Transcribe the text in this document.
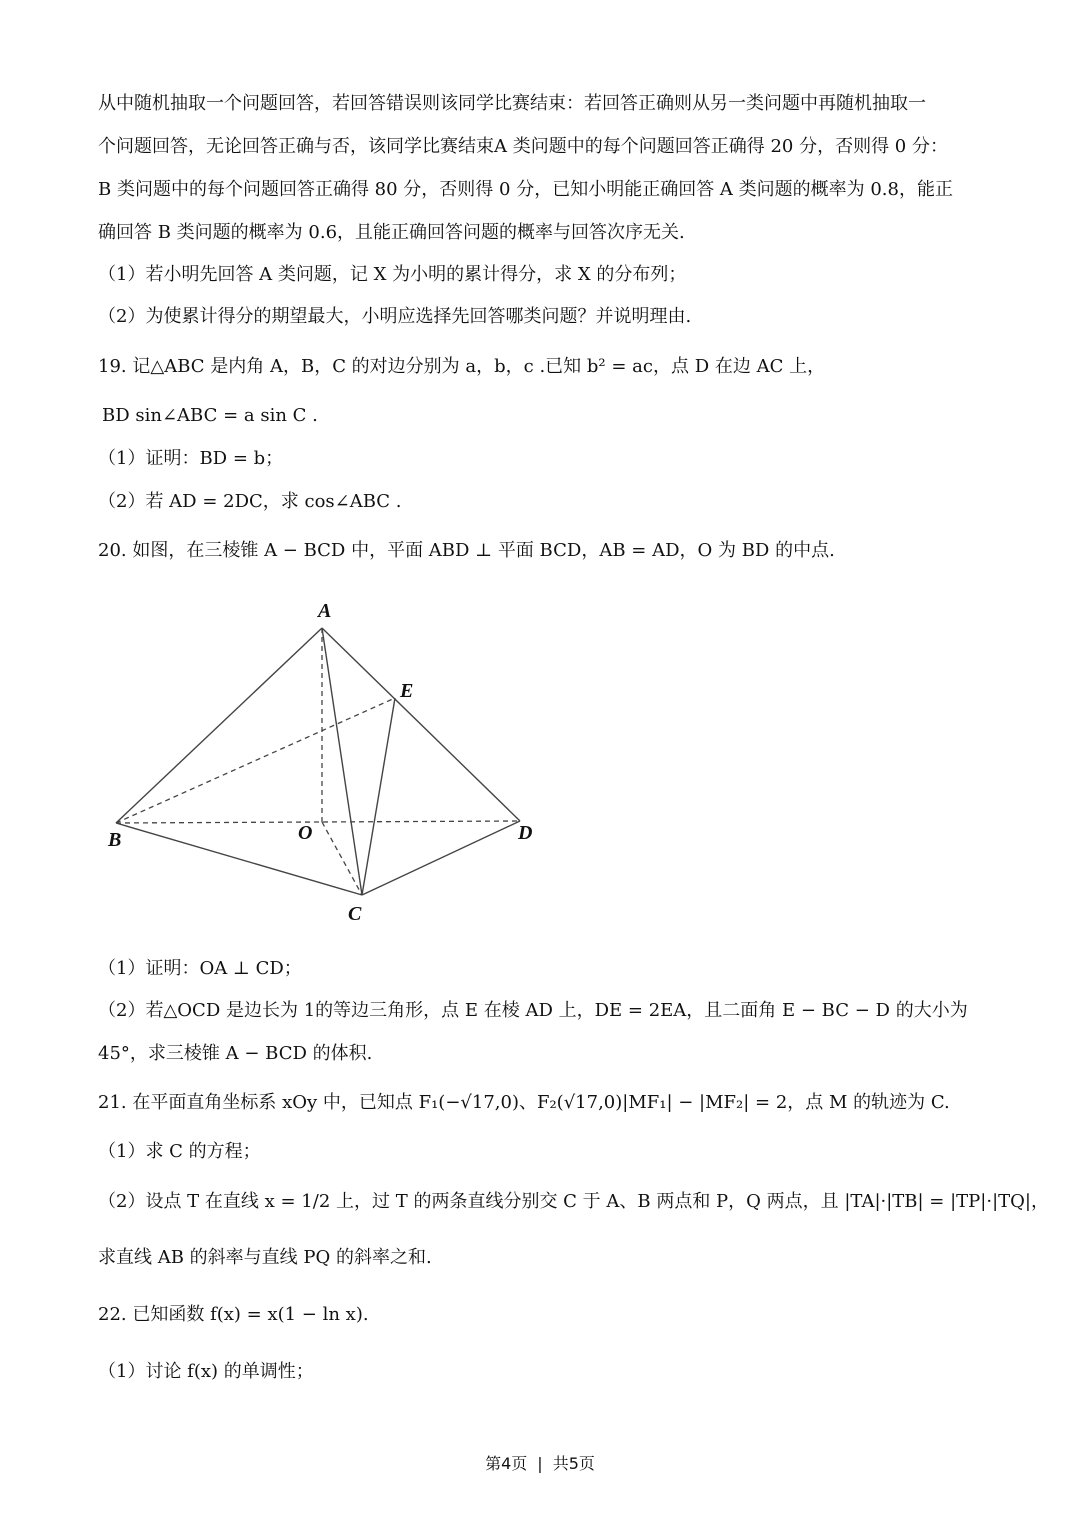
从中随机抽取一个问题回答，若回答错误则该同学比赛结束：若回答正确则从另一类问题中再随机抽取一
个问题回答，无论回答正确与否，该同学比赛结束A 类问题中的每个问题回答正确得 20 分，否则得 0 分：
B 类问题中的每个问题回答正确得 80 分，否则得 0 分，已知小明能正确回答 A 类问题的概率为 0.8，能正
确回答 B 类问题的概率为 0.6，且能正确回答问题的概率与回答次序无关.
（1）若小明先回答 A 类问题，记 X 为小明的累计得分，求 X 的分布列；
（2）为使累计得分的期望最大，小明应选择先回答哪类问题？并说明理由.
19. 记△ABC 是内角 A，B，C 的对边分别为 a，b，c .已知 b² = ac，点 D 在边 AC 上，
BD sin∠ABC = a sin C .
（1）证明：BD = b；
（2）若 AD = 2DC，求 cos∠ABC .
20. 如图，在三棱锥 A − BCD 中，平面 ABD ⊥ 平面 BCD，AB = AD，O 为 BD 的中点.
A
E
B	O	D
C
（1）证明：OA ⊥ CD；
（2）若△OCD 是边长为 1的等边三角形，点 E 在棱 AD 上，DE = 2EA，且二面角 E − BC − D 的大小为
45°，求三棱锥 A − BCD 的体积.
21. 在平面直角坐标系 xOy 中，已知点 F₁(−√17,0)、F₂(√17,0)|MF₁| − |MF₂| = 2，点 M 的轨迹为 C.
（1）求 C 的方程；
（2）设点 T 在直线 x = 1/2 上，过 T 的两条直线分别交 C 于 A、B 两点和 P，Q 两点，且 |TA|·|TB| = |TP|·|TQ|，
求直线 AB 的斜率与直线 PQ 的斜率之和.
22. 已知函数 f(x) = x(1 − ln x).
（1）讨论 f(x) 的单调性；
第4页 | 共5页
